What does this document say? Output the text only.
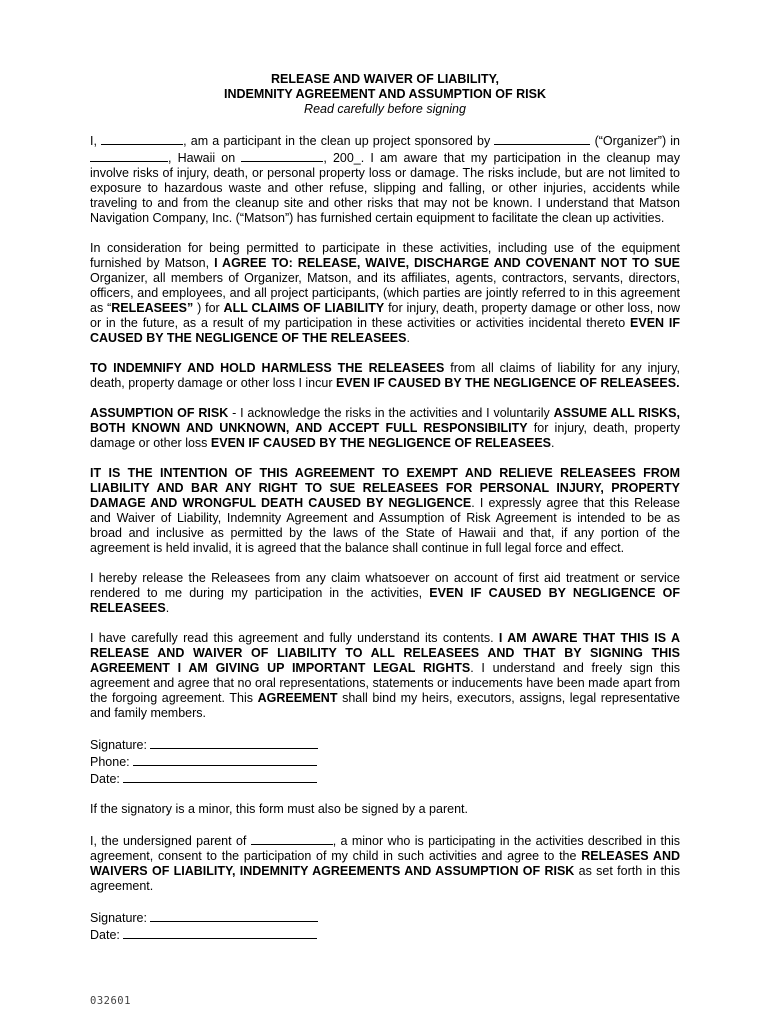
RELEASE AND WAIVER OF LIABILITY,
INDEMNITY AGREEMENT AND ASSUMPTION OF RISK
Read carefully before signing

I,	, am a participant in the clean up project sponsored by	(“Organizer”) in , Hawaii on	, 200_. I am aware that my participation in the cleanup may involve risks of injury, death, or personal property loss or damage. The risks include, but are not limited to exposure to hazardous waste and other refuse, slipping and falling, or other injuries, accidents while traveling to and from the cleanup site and other risks that may not be known. I understand that Matson Navigation Company, Inc. (“Matson”) has furnished certain equipment to facilitate the clean up activities.

In consideration for being permitted to participate in these activities, including use of the equipment furnished by Matson, I AGREE TO: RELEASE, WAIVE, DISCHARGE AND COVENANT NOT TO SUE Organizer, all members of Organizer, Matson, and its affiliates, agents, contractors, servants, directors, officers, and employees, and all project participants, (which parties are jointly referred to in this agreement as “RELEASEES” ) for ALL CLAIMS OF LIABILITY for injury, death, property damage or other loss, now or in the future, as a result of my participation in these activities or activities incidental thereto EVEN IF CAUSED BY THE NEGLIGENCE OF THE RELEASEES.

TO INDEMNIFY AND HOLD HARMLESS THE RELEASEES from all claims of liability for any injury, death, property damage or other loss I incur EVEN IF CAUSED BY THE NEGLIGENCE OF RELEASEES.

ASSUMPTION OF RISK - I acknowledge the risks in the activities and I voluntarily ASSUME ALL RISKS, BOTH KNOWN AND UNKNOWN, AND ACCEPT FULL RESPONSIBILITY for injury, death, property damage or other loss EVEN IF CAUSED BY THE NEGLIGENCE OF RELEASEES.

IT IS THE INTENTION OF THIS AGREEMENT TO EXEMPT AND RELIEVE RELEASEES FROM LIABILITY AND BAR ANY RIGHT TO SUE RELEASEES FOR PERSONAL INJURY, PROPERTY DAMAGE AND WRONGFUL DEATH CAUSED BY NEGLIGENCE. I expressly agree that this Release and Waiver of Liability, Indemnity Agreement and Assumption of Risk Agreement is intended to be as broad and inclusive as permitted by the laws of the State of Hawaii and that, if any portion of the agreement is held invalid, it is agreed that the balance shall continue in full legal force and effect.

I hereby release the Releasees from any claim whatsoever on account of first aid treatment or service rendered to me during my participation in the activities, EVEN IF CAUSED BY NEGLIGENCE OF RELEASEES.

I have carefully read this agreement and fully understand its contents. I AM AWARE THAT THIS IS A RELEASE AND WAIVER OF LIABILITY TO ALL RELEASEES AND THAT BY SIGNING THIS AGREEMENT I AM GIVING UP IMPORTANT LEGAL RIGHTS. I understand and freely sign this agreement and agree that no oral representations, statements or inducements have been made apart from the forgoing agreement. This AGREEMENT shall bind my heirs, executors, assigns, legal representative and family members.

Signature:
Phone:
Date:

If the signatory is a minor, this form must also be signed by a parent.

I, the undersigned parent of	, a minor who is participating in the activities described in this agreement, consent to the participation of my child in such activities and agree to the RELEASES AND WAIVERS OF LIABILITY, INDEMNITY AGREEMENTS AND ASSUMPTION OF RISK as set forth in this agreement.

Signature:
Date:
032601
